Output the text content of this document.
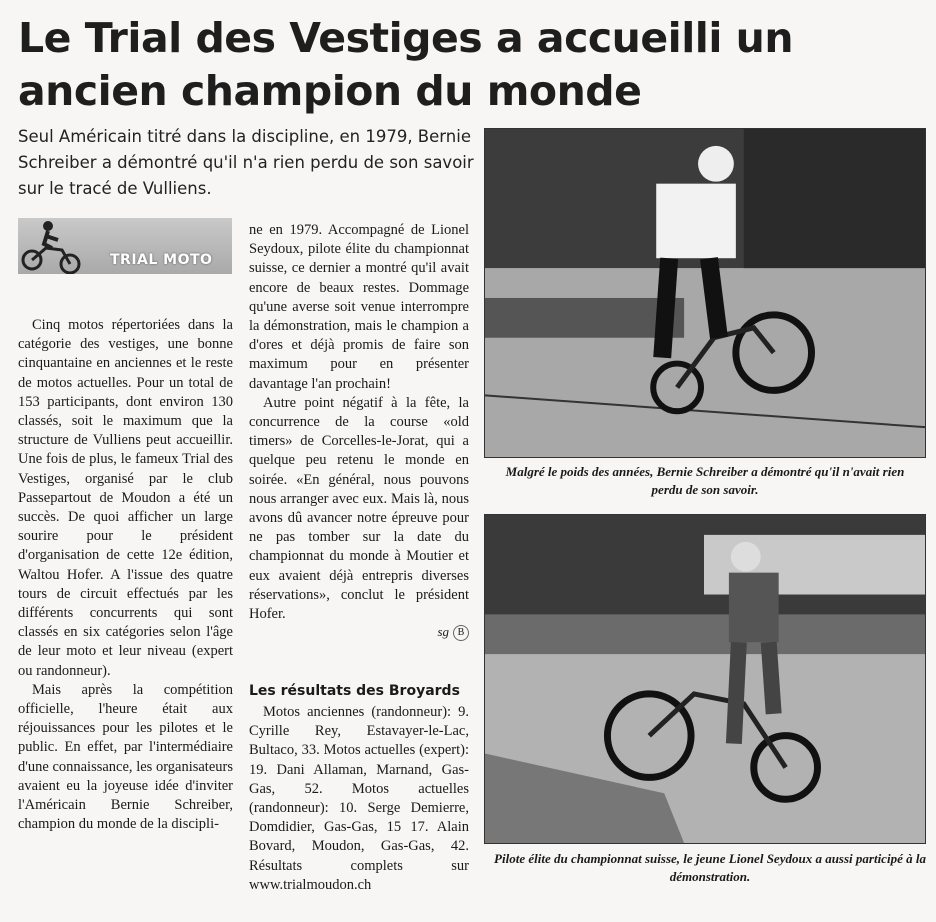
Le Trial des Vestiges a accueilli un ancien champion du monde
Seul Américain titré dans la discipline, en 1979, Bernie Schreiber a démontré qu'il n'a rien perdu de son savoir sur le tracé de Vulliens.
TRIAL MOTO

Cinq motos répertoriées dans la catégorie des vestiges, une bonne cinquantaine en anciennes et le reste de motos actuelles. Pour un total de 153 participants, dont environ 130 classés, soit le maximum que la structure de Vulliens peut accueillir. Une fois de plus, le fameux Trial des Vestiges, organisé par le club Passepartout de Moudon a été un succès. De quoi afficher un large sourire pour le président d'organisation de cette 12e édition, Waltou Hofer. A l'issue des quatre tours de circuit effectués par les différents concurrents qui sont classés en six catégories selon l'âge de leur moto et leur niveau (expert ou randonneur).

Mais après la compétition officielle, l'heure était aux réjouissances pour les pilotes et le public. En effet, par l'intermédiaire d'une connaissance, les organisateurs avaient eu la joyeuse idée d'inviter l'Américain Bernie Schreiber, champion du monde de la discipli-

ne en 1979. Accompagné de Lionel Seydoux, pilote élite du championnat suisse, ce dernier a montré qu'il avait encore de beaux restes. Dommage qu'une averse soit venue interrompre la démonstration, mais le champion a d'ores et déjà promis de faire son maximum pour en présenter davantage l'an prochain!

Autre point négatif à la fête, la concurrence de la course «old timers» de Corcelles-le-Jorat, qui a quelque peu retenu le monde en soirée. «En général, nous pouvons nous arranger avec eux. Mais là, nous avons dû avancer notre épreuve pour ne pas tomber sur la date du championnat du monde à Moutier et eux avaient déjà entrepris diverses réservations», conclut le président Hofer.

sg B
Les résultats des Broyards

Motos anciennes (randonneur): 9. Cyrille Rey, Estavayer-le-Lac, Bultaco, 33. Motos actuelles (expert): 19. Dani Allaman, Marnand, Gas-Gas, 52. Motos actuelles (randonneur): 10. Serge Demierre, Domdidier, Gas-Gas, 15 17. Alain Bovard, Moudon, Gas-Gas, 42. Résultats complets sur www.trialmoudon.ch

Malgré le poids des années, Bernie Schreiber a démontré qu'il n'avait rien perdu de son savoir.
Pilote élite du championnat suisse, le jeune Lionel Seydoux a aussi participé à la démonstration.
